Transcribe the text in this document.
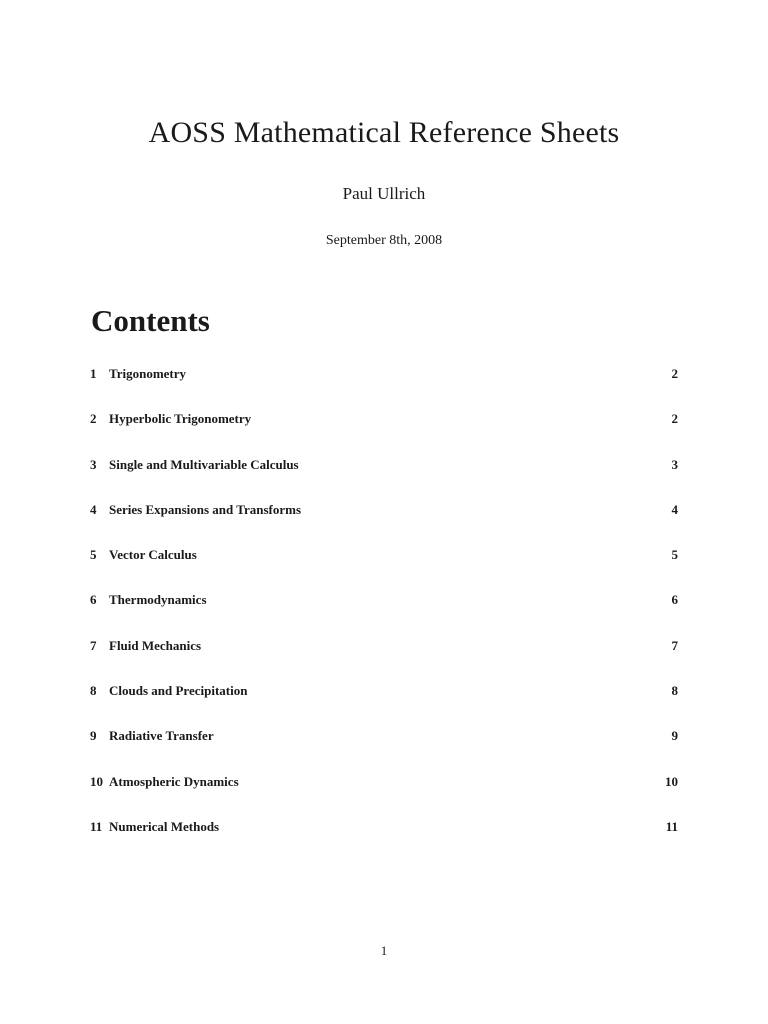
AOSS Mathematical Reference Sheets
Paul Ullrich
September 8th, 2008
Contents
1 Trigonometry	2
2 Hyperbolic Trigonometry	2
3 Single and Multivariable Calculus	3
4 Series Expansions and Transforms	4
5 Vector Calculus	5
6 Thermodynamics	6
7 Fluid Mechanics	7
8 Clouds and Precipitation	8
9 Radiative Transfer	9
10 Atmospheric Dynamics	10
11 Numerical Methods	11
1
